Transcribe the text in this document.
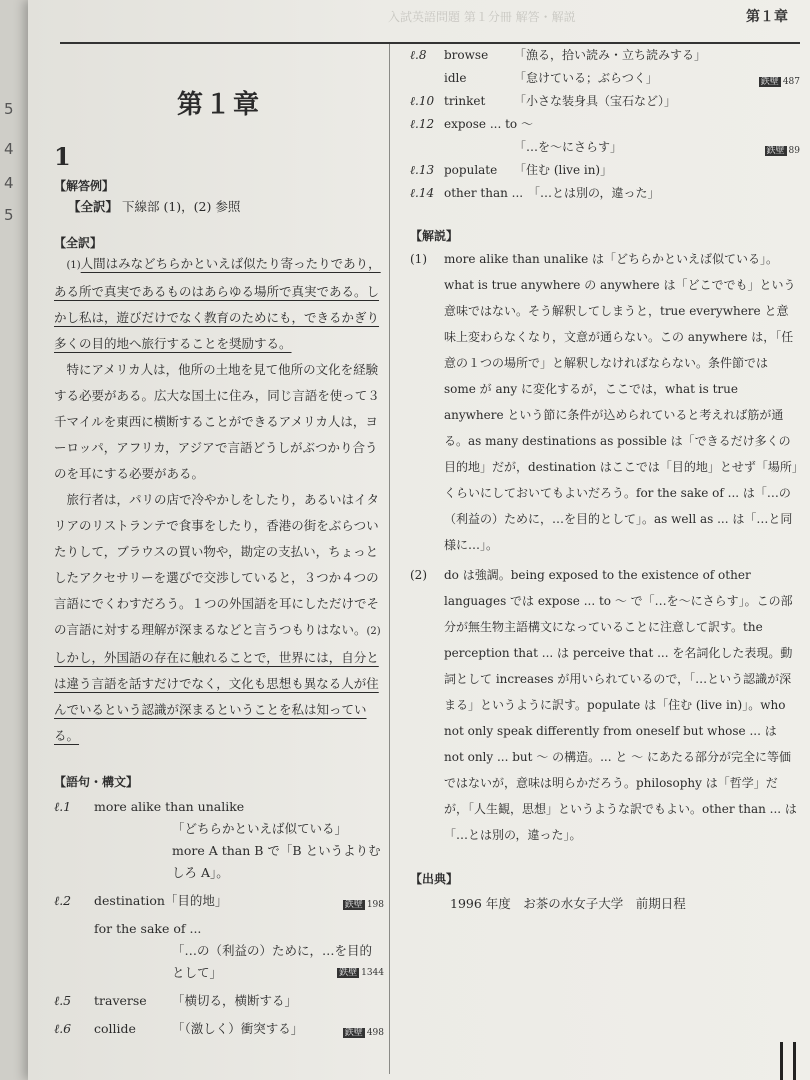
5
4
4
5
入試英語問題 第１分冊 解答・解説	第１章
第１章
1
【解答例】
【全訳】 下線部 (1)，(2) 参照
【全訳】
(1)人間はみなどちらかといえば似たり寄ったりであり，ある所で真実であるものはあらゆる場所で真実である。しかし私は，遊びだけでなく教育のためにも，できるかぎり多くの目的地へ旅行することを奨励する。
特にアメリカ人は，他所の土地を見て他所の文化を経験する必要がある。広大な国土に住み，同じ言語を使って３千マイルを東西に横断することができるアメリカ人は，ヨーロッパ，アフリカ，アジアで言語どうしがぶつかり合うのを耳にする必要がある。
旅行者は，パリの店で冷やかしをしたり，あるいはイタリアのリストランテで食事をしたり，香港の街をぶらついたりして，ブラウスの買い物や，勘定の支払い，ちょっとしたアクセサリーを選びで交渉していると，３つか４つの言語にでくわすだろう。１つの外国語を耳にしただけでその言語に対する理解が深まるなどと言うつもりはない。(2)しかし，外国語の存在に触れることで，世界には，自分とは違う言語を話すだけでなく，文化も思想も異なる人が住んでいるという認識が深まるということを私は知っている。
【語句・構文】
ℓ.1	more alike than unalike
「どちらかといえば似ている」
more A than B で「B というよりむしろ A」。
ℓ.2	destination「目的地」	鉄壁 198
for the sake of ...
「…の（利益の）ために，…を目的として」	鉄壁 1344
ℓ.5	traverse	「横切る，横断する」
ℓ.6	collide	「（激しく）衝突する」	鉄壁 498
ℓ.8	browse	「漁る，拾い読み・立ち読みする」
idle	「怠けている；ぶらつく」	鉄壁 487
ℓ.10 trinket	「小さな装身具（宝石など）」
ℓ.12 expose ... to ～
「…を～にさらす」	鉄壁 89
ℓ.13 populate	「住む (live in)」
ℓ.14 other than ... 「…とは別の，違った」
【解説】
(1)	more alike than unalike は「どちらかといえば似ている」。what is true anywhere の anywhere は「どこででも」という意味ではない。そう解釈してしまうと，true everywhere と意味上変わらなくなり，文意が通らない。この anywhere は，「任意の１つの場所で」と解釈しなければならない。条件節では some が any に変化するが，ここでは，what is true anywhere という節に条件が込められていると考えれば筋が通る。as many destinations as possible は「できるだけ多くの目的地」だが，destination はここでは「目的地」とせず「場所」くらいにしておいてもよいだろう。for the sake of ... は「…の（利益の）ために，…を目的として」。as well as ... は「…と同様に…」。
(2)	do は強調。being exposed to the existence of other languages では expose ... to ～ で「…を～にさらす」。この部分が無生物主語構文になっていることに注意して訳す。the perception that ... は perceive that ... を名詞化した表現。動詞として increases が用いられているので，「…という認識が深まる」というように訳す。populate は「住む (live in)」。who not only speak differently from oneself but whose ... は not only ... but ～ の構造。... と ～ にあたる部分が完全に等価ではないが，意味は明らかだろう。philosophy は「哲学」だが，「人生観，思想」というような訳でもよい。other than ... は「…とは別の，違った」。
【出典】
1996 年度　お茶の水女子大学　前期日程
